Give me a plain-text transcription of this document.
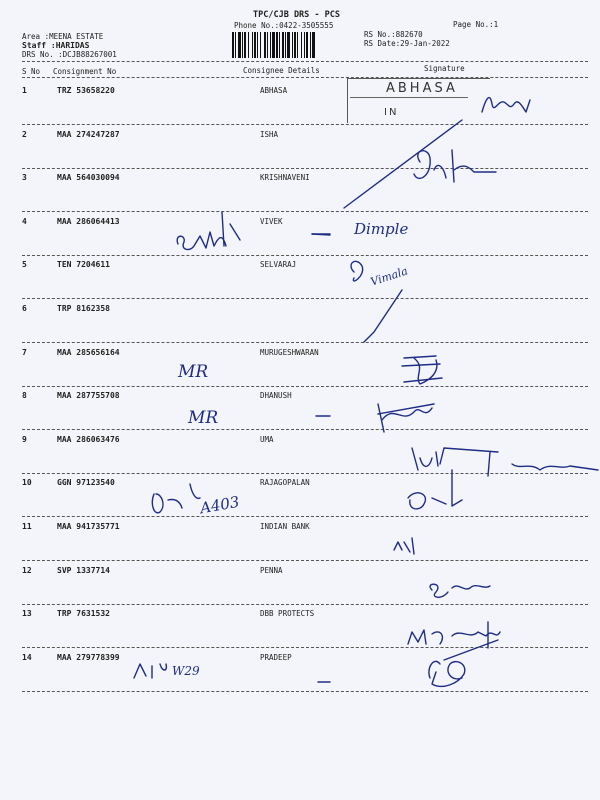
TPC/CJB DRS - PCS
Phone No.:0422-3505555	Page No.:1
Area :MEENA ESTATE
Staff :HARIDAS
DRS No. :DCJB88267001
RS No.:882670
RS Date:29-Jan-2022
S No Consignment No	Consignee Details	Signature
1	TRZ 53658220	ABHASA
2	MAA 274247287	ISHA
3	MAA 564030094	KRISHNAVENI
4	MAA 286064413	VIVEK
5	TEN 7204611	SELVARAJ
6	TRP 8162358
7	MAA 285656164	MURUGESHWARAN
8	MAA 287755708	DHANUSH
9	MAA 286063476	UMA
10	GGN 97123540	RAJAGOPALAN
11	MAA 941735771	INDIAN BANK
12	SVP 1337714	PENNA
13	TRP 7631532	DBB PROTECTS
14	MAA 279778399	PRADEEP
ABHASA
IN
Dimple
Vimala
MR
MR
A403
W29
